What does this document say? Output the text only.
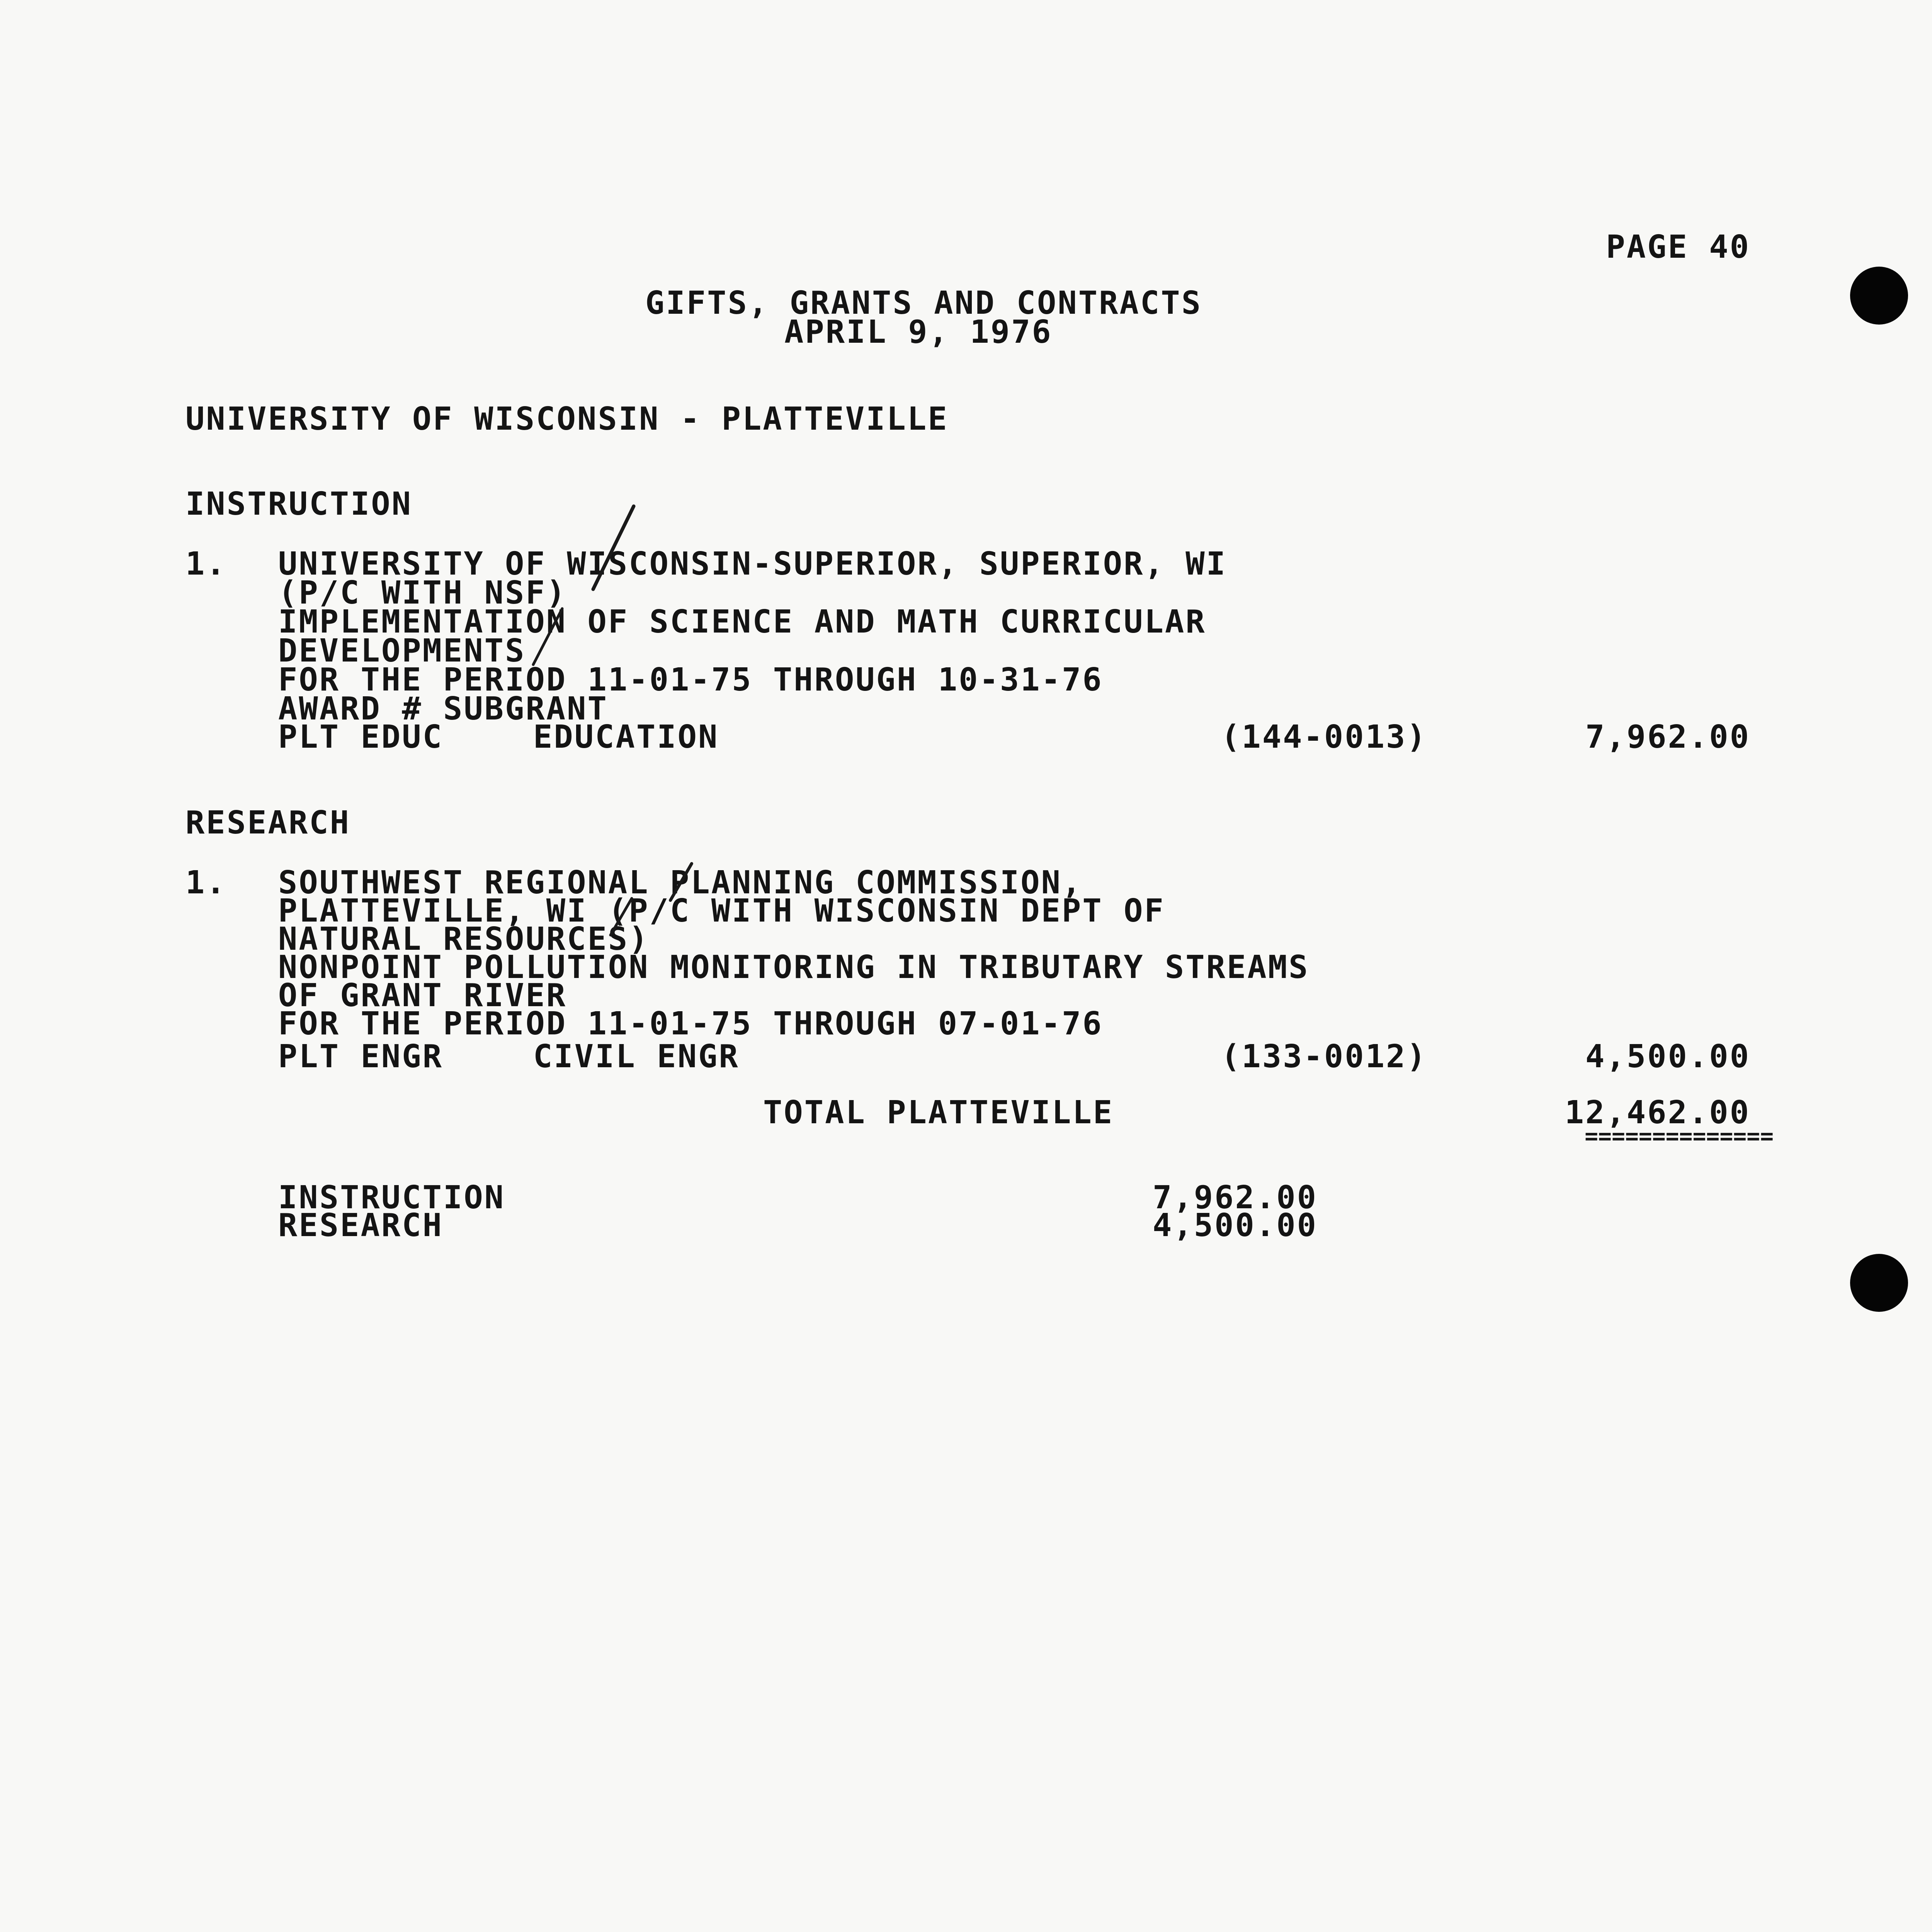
PAGE 40
GIFTS, GRANTS AND CONTRACTS
APRIL 9, 1976
UNIVERSITY OF WISCONSIN - PLATTEVILLE
INSTRUCTION
1. UNIVERSITY OF WISCONSIN-SUPERIOR, SUPERIOR, WI
(P/C WITH NSF)
IMPLEMENTATION OF SCIENCE AND MATH CURRICULAR
DEVELOPMENTS
FOR THE PERIOD 11-01-75 THROUGH 10-31-76
AWARD # SUBGRANT
PLT EDUC	EDUCATION	(144-0013)	7,962.00
RESEARCH
1. SOUTHWEST REGIONAL PLANNING COMMISSION,
PLATTEVILLE, WI (P/C WITH WISCONSIN DEPT OF
NATURAL RESOURCES)
NONPOINT POLLUTION MONITORING IN TRIBUTARY STREAMS
OF GRANT RIVER
FOR THE PERIOD 11-01-75 THROUGH 07-01-76
PLT ENGR	CIVIL ENGR	(133-0012)	4,500.00
TOTAL PLATTEVILLE	12,462.00
==============
INSTRUCTION	7,962.00
RESEARCH	4,500.00
